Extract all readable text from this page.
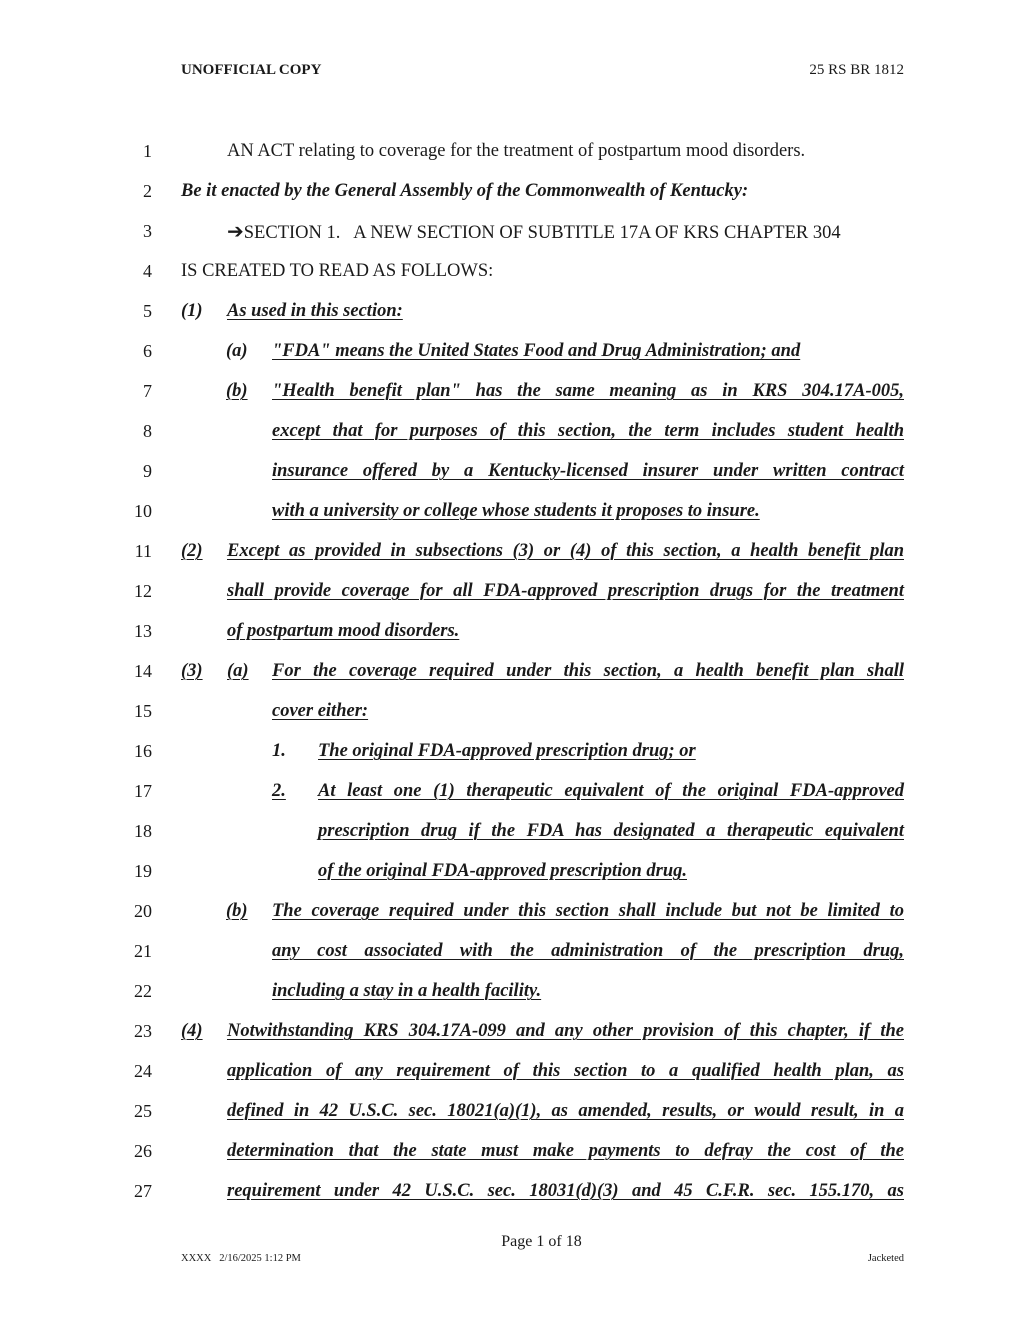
UNOFFICIAL COPY	25 RS BR 1812
1
2
3
4
5
6
7
8
9
10
11
12
13
14
15
16
17
18
19
20
21
22
23
24
25
26
27
AN ACT relating to coverage for the treatment of postpartum mood disorders.
Be it enacted by the General Assembly of the Commonwealth of Kentucky:
➔SECTION 1.   A NEW SECTION OF SUBTITLE 17A OF KRS CHAPTER 304
IS CREATED TO READ AS FOLLOWS:
(1) As used in this section:
(a) "FDA" means the United States Food and Drug Administration; and
(b)	"Health benefit plan" has the same meaning as in KRS 304.17A-005,
except that for purposes of this section, the term includes student health
insurance offered by a Kentucky-licensed insurer under written contract
with a university or college whose students it proposes to insure.
(2)	Except as provided in subsections (3) or (4) of this section, a health benefit plan
shall provide coverage for all FDA-approved prescription drugs for the treatment
of postpartum mood disorders.
(3)	(a)	For the coverage required under this section, a health benefit plan shall
cover either:
1. The original FDA-approved prescription drug; or
2.	At least one (1) therapeutic equivalent of the original FDA-approved
prescription drug if the FDA has designated a therapeutic equivalent
of the original FDA-approved prescription drug.
(b)	The coverage required under this section shall include but not be limited to
any cost associated with the administration of the prescription drug,
including a stay in a health facility.
(4)	Notwithstanding KRS 304.17A-099 and any other provision of this chapter, if the
application of any requirement of this section to a qualified health plan, as
defined in 42 U.S.C. sec. 18021(a)(1), as amended, results, or would result, in a
determination that the state must make payments to defray the cost of the
requirement under 42 U.S.C. sec. 18031(d)(3) and 45 C.F.R. sec. 155.170, as
Page 1 of 18
XXXX   2/16/2025 1:12 PM	Jacketed
